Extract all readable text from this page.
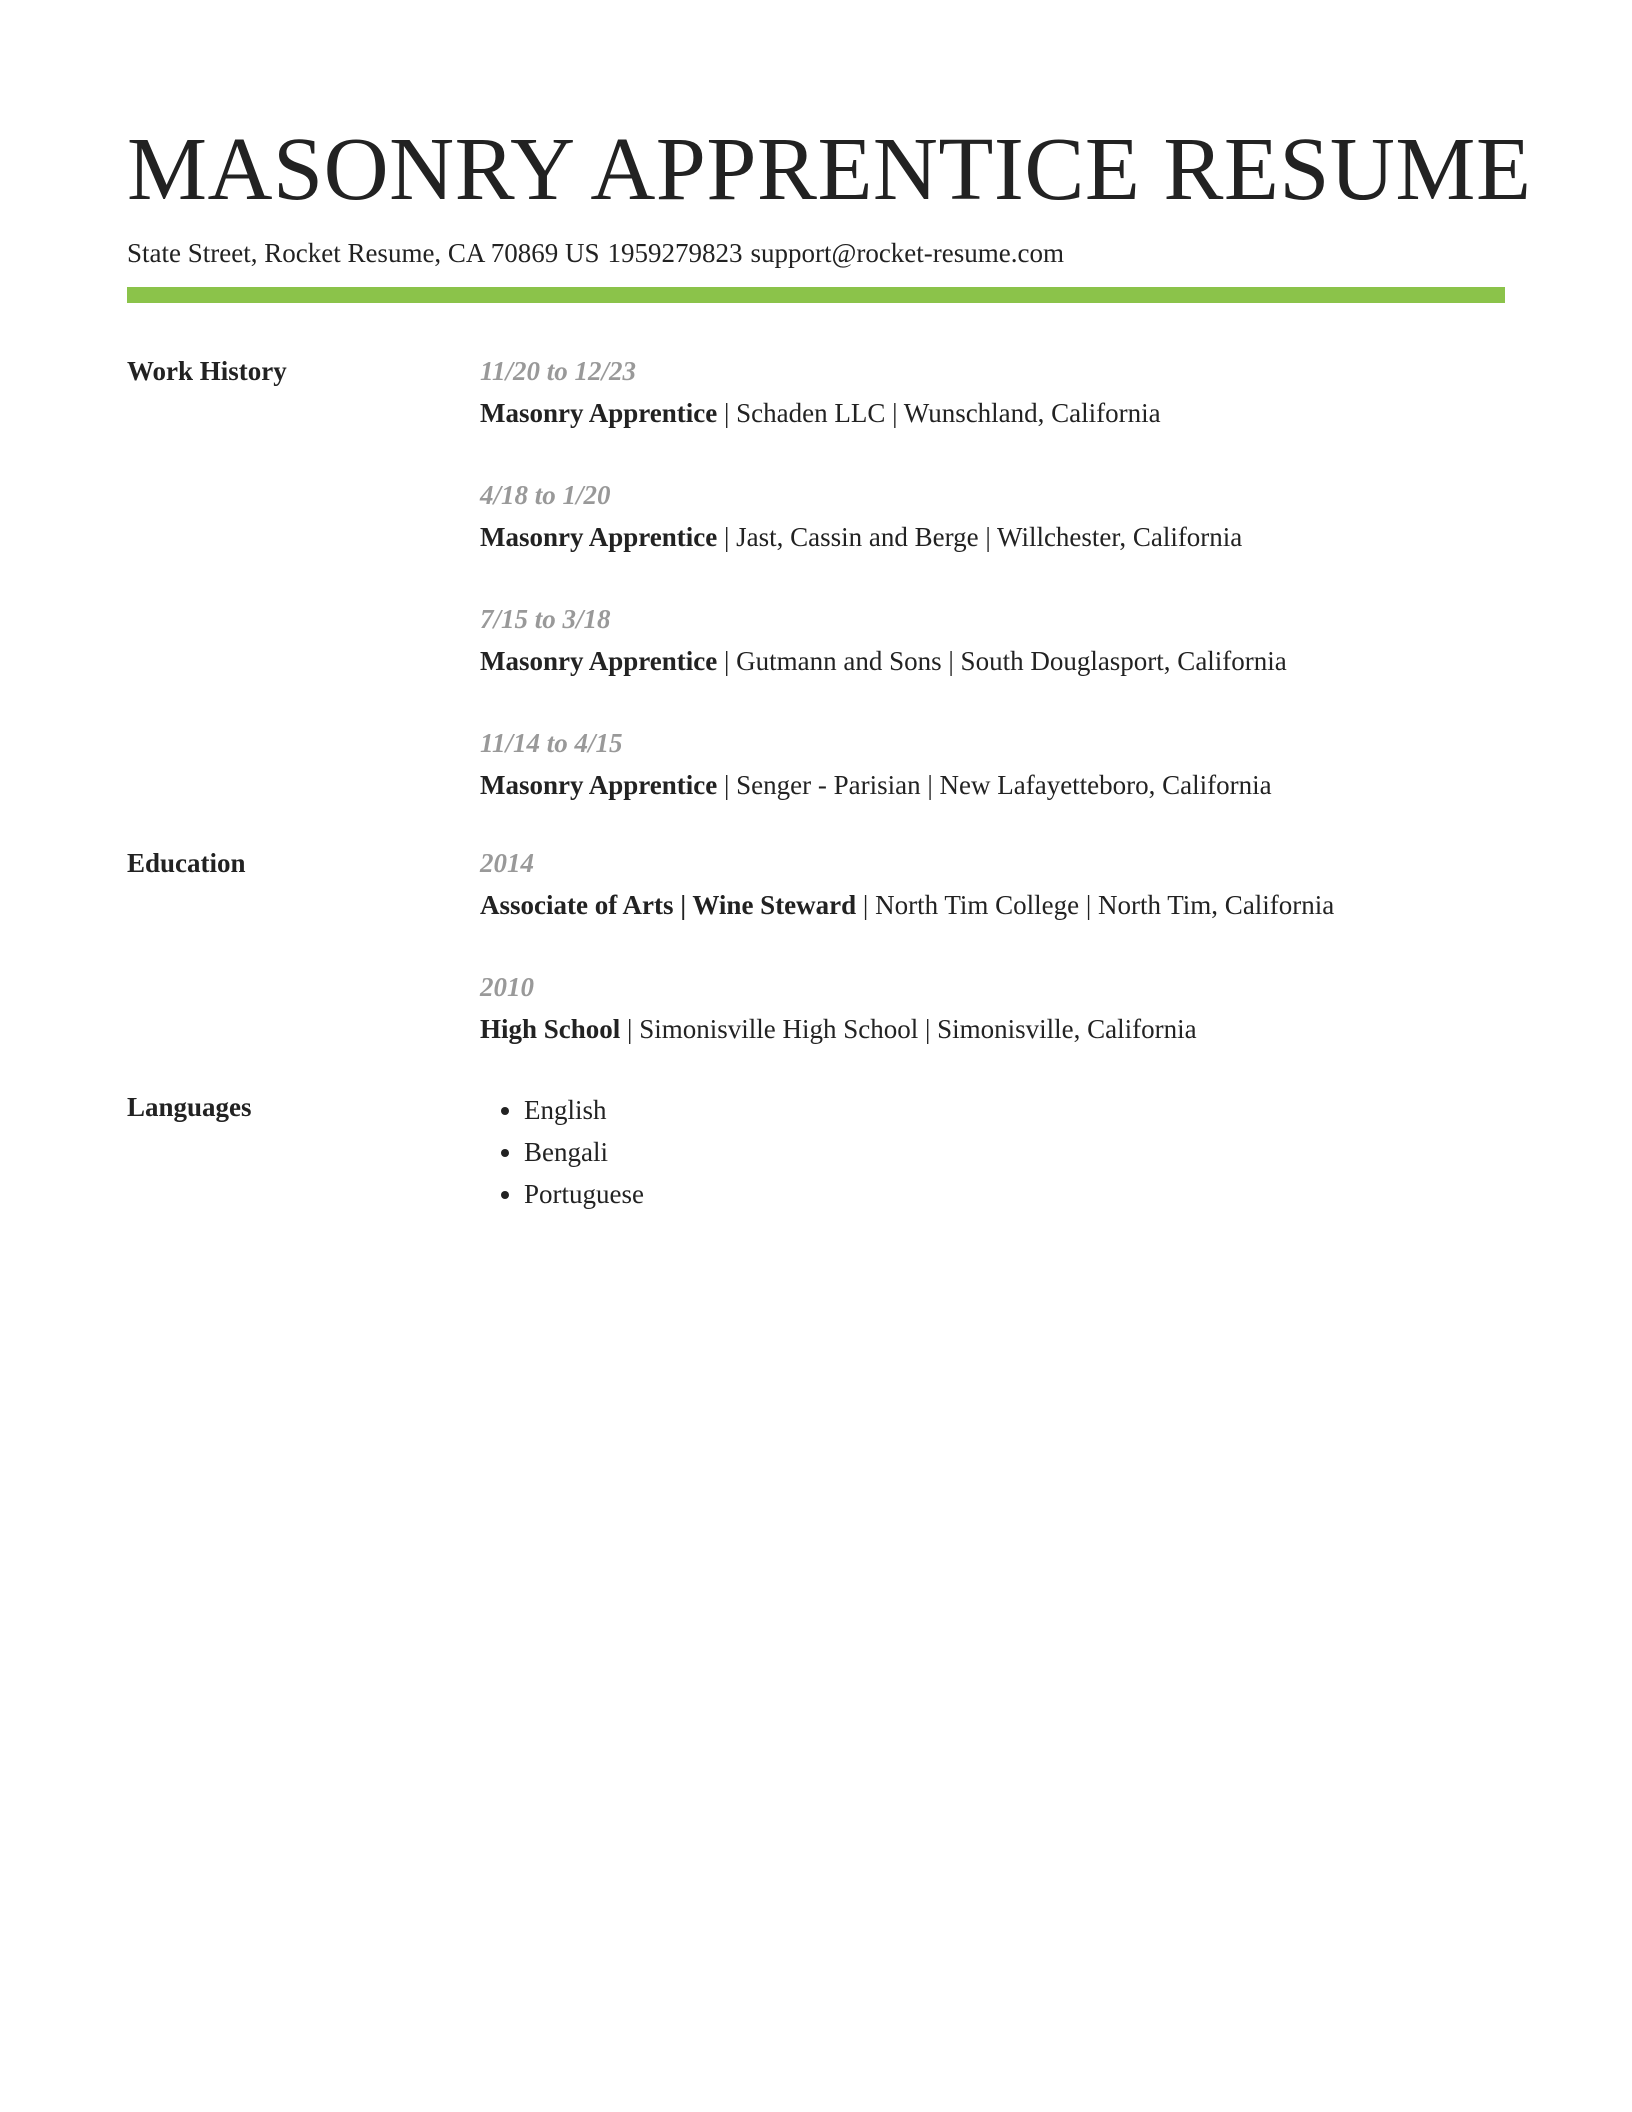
MASONRY APPRENTICE RESUME
State Street, Rocket Resume, CA 70869 US 1959279823 support@rocket-resume.com
Work History	11/20 to 12/23
Masonry Apprentice | Schaden LLC | Wunschland, California
4/18 to 1/20
Masonry Apprentice | Jast, Cassin and Berge | Willchester, California
7/15 to 3/18
Masonry Apprentice | Gutmann and Sons | South Douglasport, California
11/14 to 4/15
Masonry Apprentice | Senger - Parisian | New Lafayetteboro, California
Education	2014
Associate of Arts | Wine Steward | North Tim College | North Tim, California
2010
High School | Simonisville High School | Simonisville, California
Languages
•	English
• Bengali
• Portuguese
